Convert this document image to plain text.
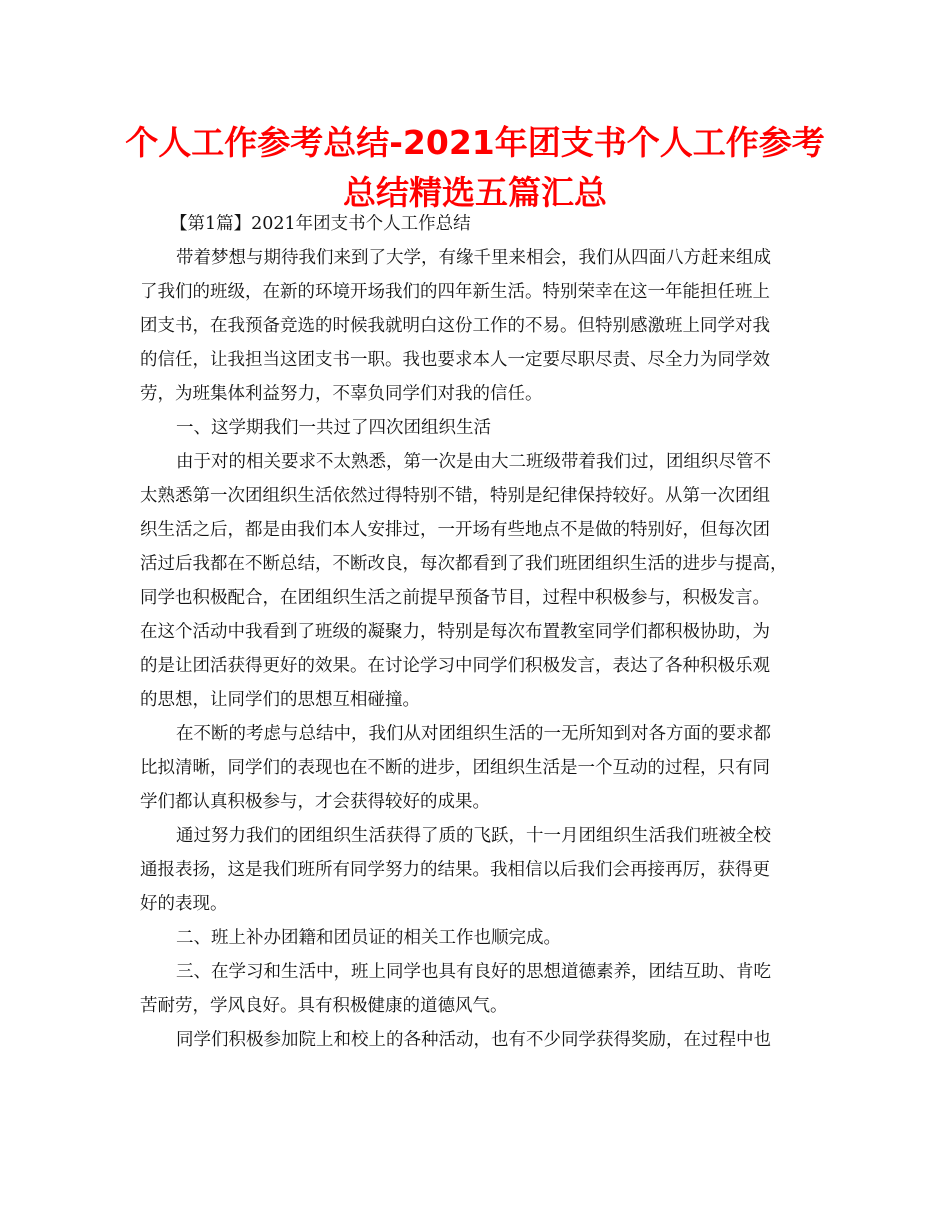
个人工作参考总结-2021年团支书个人工作参考
总结精选五篇汇总
【第1篇】2021年团支书个人工作总结
带着梦想与期待我们来到了大学，有缘千里来相会，我们从四面八方赶来组成
了我们的班级，在新的环境开场我们的四年新生活。特别荣幸在这一年能担任班上
团支书，在我预备竞选的时候我就明白这份工作的不易。但特别感激班上同学对我
的信任，让我担当这团支书一职。我也要求本人一定要尽职尽责、尽全力为同学效
劳，为班集体利益努力，不辜负同学们对我的信任。
一、这学期我们一共过了四次团组织生活
由于对的相关要求不太熟悉，第一次是由大二班级带着我们过，团组织尽管不
太熟悉第一次团组织生活依然过得特别不错，特别是纪律保持较好。从第一次团组
织生活之后，都是由我们本人安排过，一开场有些地点不是做的特别好，但每次团
活过后我都在不断总结，不断改良，每次都看到了我们班团组织生活的进步与提高，
同学也积极配合，在团组织生活之前提早预备节目，过程中积极参与，积极发言。
在这个活动中我看到了班级的凝聚力，特别是每次布置教室同学们都积极协助，为
的是让团活获得更好的效果。在讨论学习中同学们积极发言，表达了各种积极乐观
的思想，让同学们的思想互相碰撞。
在不断的考虑与总结中，我们从对团组织生活的一无所知到对各方面的要求都
比拟清晰，同学们的表现也在不断的进步，团组织生活是一个互动的过程，只有同
学们都认真积极参与，才会获得较好的成果。
通过努力我们的团组织生活获得了质的飞跃，十一月团组织生活我们班被全校
通报表扬，这是我们班所有同学努力的结果。我相信以后我们会再接再厉，获得更
好的表现。
二、班上补办团籍和团员证的相关工作也顺完成。
三、在学习和生活中，班上同学也具有良好的思想道德素养，团结互助、肯吃
苦耐劳，学风良好。具有积极健康的道德风气。
同学们积极参加院上和校上的各种活动，也有不少同学获得奖励，在过程中也
